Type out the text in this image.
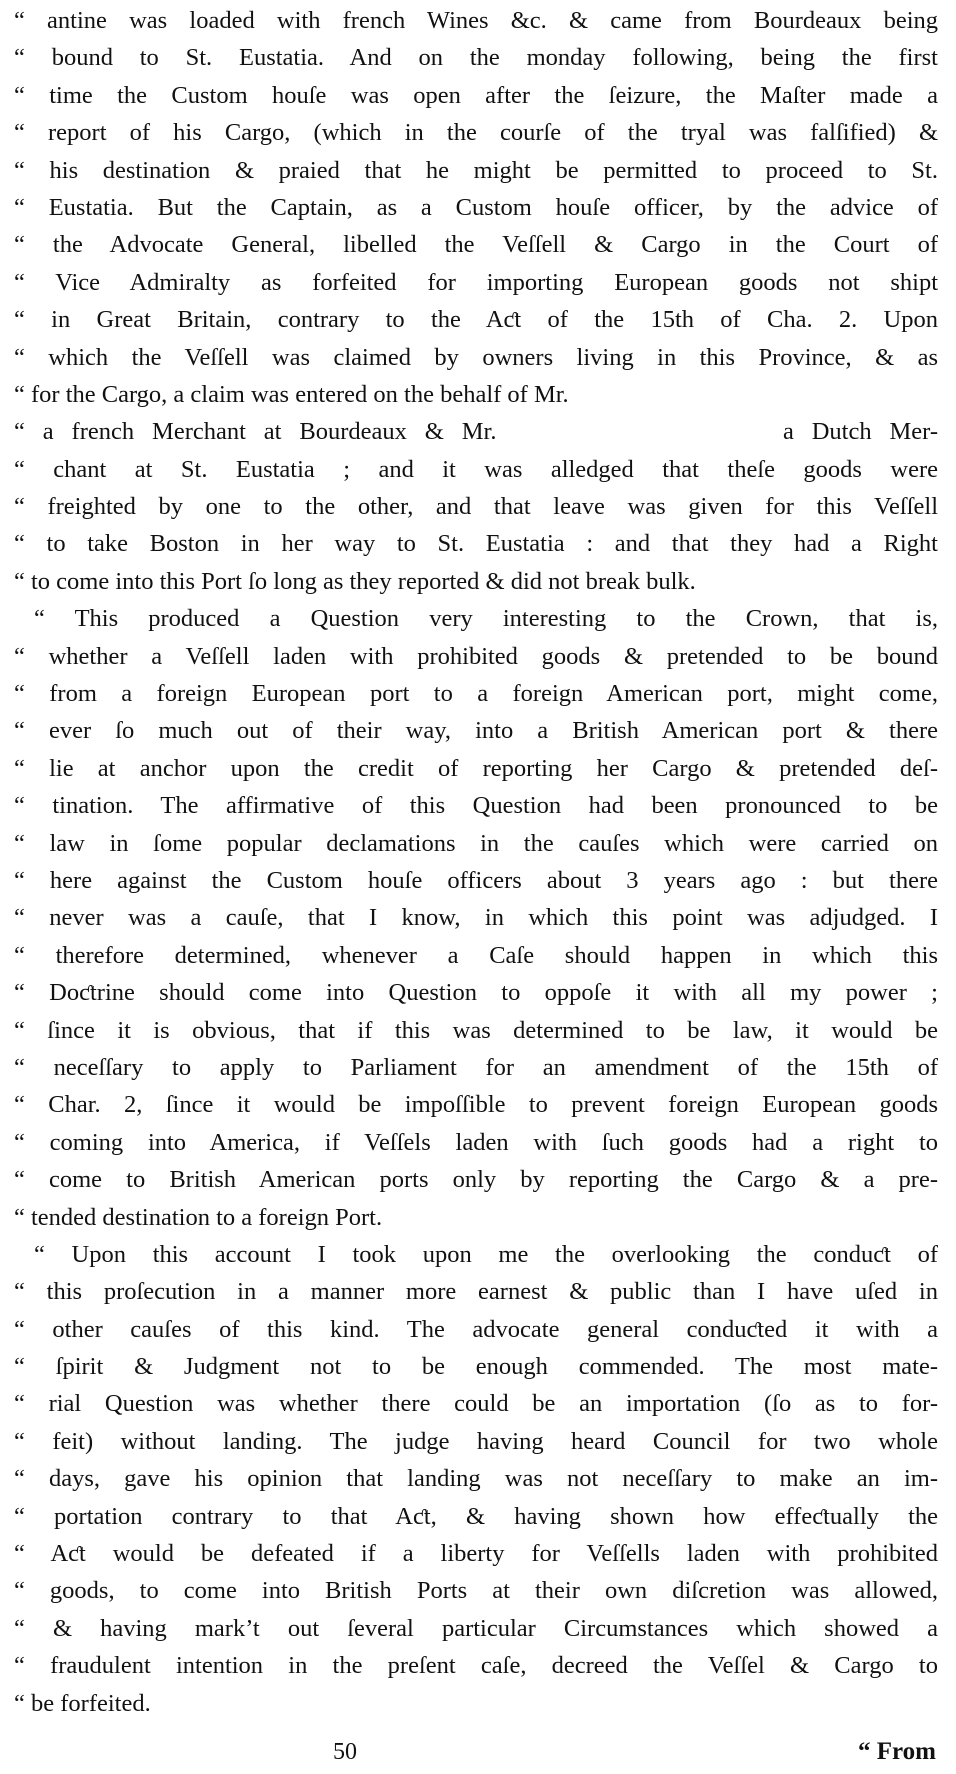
“ antine was loaded with french Wines &c. & came from Bourdeaux being
“ bound to St. Eustatia. And on the monday following, being the first
“ time the Custom houſe was open after the ſeizure, the Maſter made a
“ report of his Cargo, (which in the courſe of the tryal was falſified) &
“ his destination & praied that he might be permitted to proceed to St.
“ Eustatia. But the Captain, as a Custom houſe officer, by the advice of
“ the Advocate General, libelled the Veſſell & Cargo in the Court of
“ Vice Admiralty as forfeited for importing European goods not shipt
“ in Great Britain, contrary to the Aƈt of the 15th of Cha. 2. Upon
“ which the Veſſell was claimed by owners living in this Province, & as
“ for the Cargo, a claim was entered on the behalf of Mr.
“ a french Merchant at Bourdeaux & Mr.                a Dutch Mer-
“ chant at St. Eustatia ; and it was alledged that theſe goods were
“ freighted by one to the other, and that leave was given for this Veſſell
“ to take Boston in her way to St. Eustatia : and that they had a Right
“ to come into this Port ſo long as they reported & did not break bulk.
“ This produced a Question very interesting to the Crown, that is,
“ whether a Veſſell laden with prohibited goods & pretended to be bound
“ from a foreign European port to a foreign American port, might come,
“ ever ſo much out of their way, into a British American port & there
“ lie at anchor upon the credit of reporting her Cargo & pretended deſ-
“ tination. The affirmative of this Question had been pronounced to be
“ law in ſome popular declamations in the cauſes which were carried on
“ here against the Custom houſe officers about 3 years ago : but there
“ never was a cauſe, that I know, in which this point was adjudged. I
“ therefore determined, whenever a Caſe should happen in which this
“ Doƈtrine should come into Question to oppoſe it with all my power ;
“ ſince it is obvious, that if this was determined to be law, it would be
“ neceſſary to apply to Parliament for an amendment of the 15th of
“ Char. 2, ſince it would be impoſſible to prevent foreign European goods
“ coming into America, if Veſſels laden with ſuch goods had a right to
“ come to British American ports only by reporting the Cargo & a pre-
“ tended destination to a foreign Port.
“ Upon this account I took upon me the overlooking the conduƈt of
“ this proſecution in a manner more earnest & public than I have uſed in
“ other cauſes of this kind. The advocate general conduƈted it with a
“ ſpirit & Judgment not to be enough commended. The most mate-
“ rial Question was whether there could be an importation (ſo as to for-
“ feit) without landing. The judge having heard Council for two whole
“ days, gave his opinion that landing was not neceſſary to make an im-
“ portation contrary to that Aƈt, & having shown how effeƈtually the
“ Aƈt would be defeated if a liberty for Veſſells laden with prohibited
“ goods, to come into British Ports at their own diſcretion was allowed,
“ & having mark’t out ſeveral particular Circumstances which showed a
“ fraudulent intention in the preſent caſe, decreed the Veſſel & Cargo to
“ be forfeited.
50	“ From
